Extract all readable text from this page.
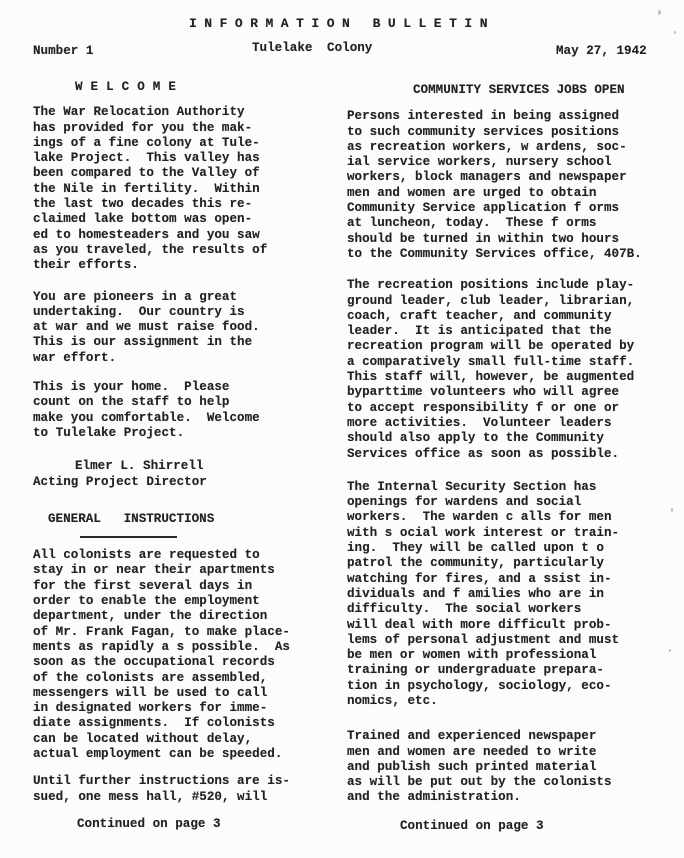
INFORMATION BULLETIN
Number 1	Tulelake Colony	May 27, 1942
WELCOME
The War Relocation Authority
has provided for you the mak-
ings of a fine colony at Tule-
lake Project.  This valley has
been compared to the Valley of
the Nile in fertility.  Within
the last two decades this re-
claimed lake bottom was open-
ed to homesteaders and you saw
as you traveled, the results of
their efforts.
You are pioneers in a great
undertaking.  Our country is
at war and we must raise food.
This is our assignment in the
war effort.
This is your home.  Please
count on the staff to help
make you comfortable.  Welcome
to Tulelake Project.
Elmer L. Shirrell
Acting Project Director
GENERAL   INSTRUCTIONS
All colonists are requested to
stay in or near their apartments
for the first several days in
order to enable the employment
department, under the direction
of Mr. Frank Fagan, to make place-
ments as rapidly a s possible.  As
soon as the occupational records
of the colonists are assembled,
messengers will be used to call
in designated workers for imme-
diate assignments.  If colonists
can be located without delay,
actual employment can be speeded.
Until further instructions are is-
sued, one mess hall, #520, will
Continued on page 3
COMMUNITY SERVICES JOBS OPEN
Persons interested in being assigned
to such community services positions
as recreation workers, w ardens, soc-
ial service workers, nursery school
workers, block managers and newspaper
men and women are urged to obtain
Community Service application f orms
at luncheon, today.  These f orms
should be turned in within two hours
to the Community Services office, 407B.
The recreation positions include play-
ground leader, club leader, librarian,
coach, craft teacher, and community
leader.  It is anticipated that the
recreation program will be operated by
a comparatively small full-time staff.
This staff will, however, be augmented
byparttime volunteers who will agree
to accept responsibility f or one or
more activities.  Volunteer leaders
should also apply to the Community
Services office as soon as possible.
The Internal Security Section has
openings for wardens and social
workers.  The warden c alls for men
with s ocial work interest or train-
ing.  They will be called upon t o
patrol the community, particularly
watching for fires, and a ssist in-
dividuals and f amilies who are in
difficulty.  The social workers
will deal with more difficult prob-
lems of personal adjustment and must
be men or women with professional
training or undergraduate prepara-
tion in psychology, sociology, eco-
nomics, etc.
Trained and experienced newspaper
men and women are needed to write
and publish such printed material
as will be put out by the colonists
and the administration.
Continued on page 3
